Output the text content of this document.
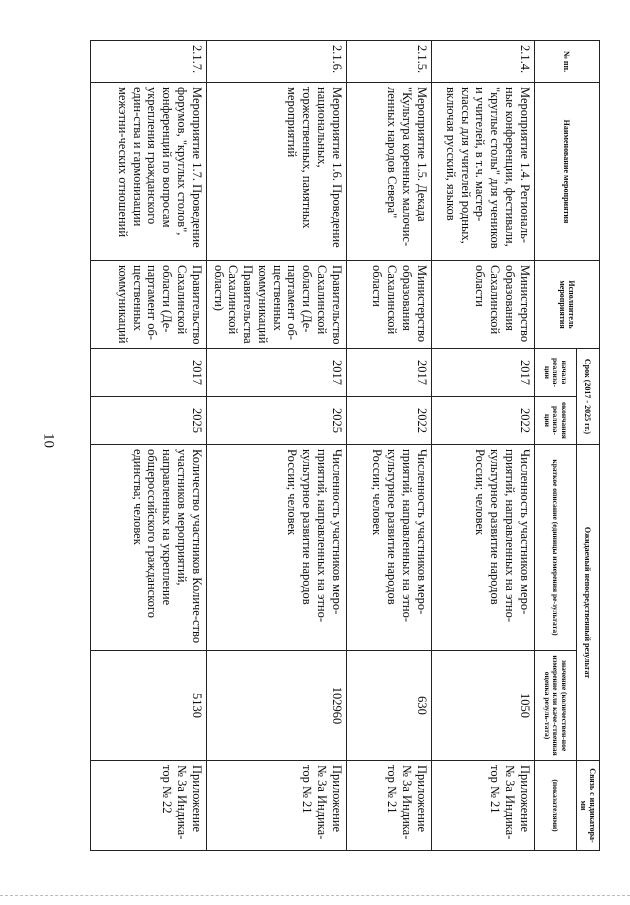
10
№ пп.	Наименование мероприятия	Исполнитель мероприятия	Срок (2017 - 2025 гг.)		Ожидаемый непосредственный результат		Связь с индикатора-ми
			начала реализа-ции	окончания реализа-ции	краткое описание (единицы измерения ре-зультата)	значение (количествен-ное измерение или каче-ственная оценка резуль-тата)	(показателями)
2.1.4.	Мероприятие 1.4. Региональ-ные конференции, фестивали, "круглые столы" для учеников и учителей, в т.ч. мастер-классы для учителей родных, включая русский, языков	Министерство образования Сахалинской области	2017	2022	Численность участников меро-приятий, направленных на этно-культурное развитие народов России; человек	1050	Приложение № 3а Индика-тор № 21
2.1.5.	Мероприятие 1.5. Декада "Культура коренных малочис-ленных народов Севера"	Министерство образования Сахалинской области	2017	2022	Численность участников меро-приятий, направленных на этно-культурное развитие народов России; человек	630	Приложение № 3а Индика-тор № 21
2.1.6.	Мероприятие 1.6. Проведение национальных, торжественных, памятных мероприятий	Правительство Сахалинской области (Де-партамент об-щественных коммуникаций Правительства Сахалинской области)	2017	2025	Численность участников меро-приятий, направленных на этно-культурное развитие народов России; человек	102960	Приложение № 3а Индика-тор № 21
2.1.7.	Мероприятие 1.7. Проведение форумов, "круглых столов", конференций по вопросам укрепления гражданского един-ства и гармонизации межэтни-ческих отношений	Правительство Сахалинской области (Де-партамент об-щественных коммуникаций	2017	2025	Количество участников Количе-ство участников мероприятий, направленных на укрепление общероссийского гражданского единства; человек	5130	Приложение № 3а Индика-тор № 22
